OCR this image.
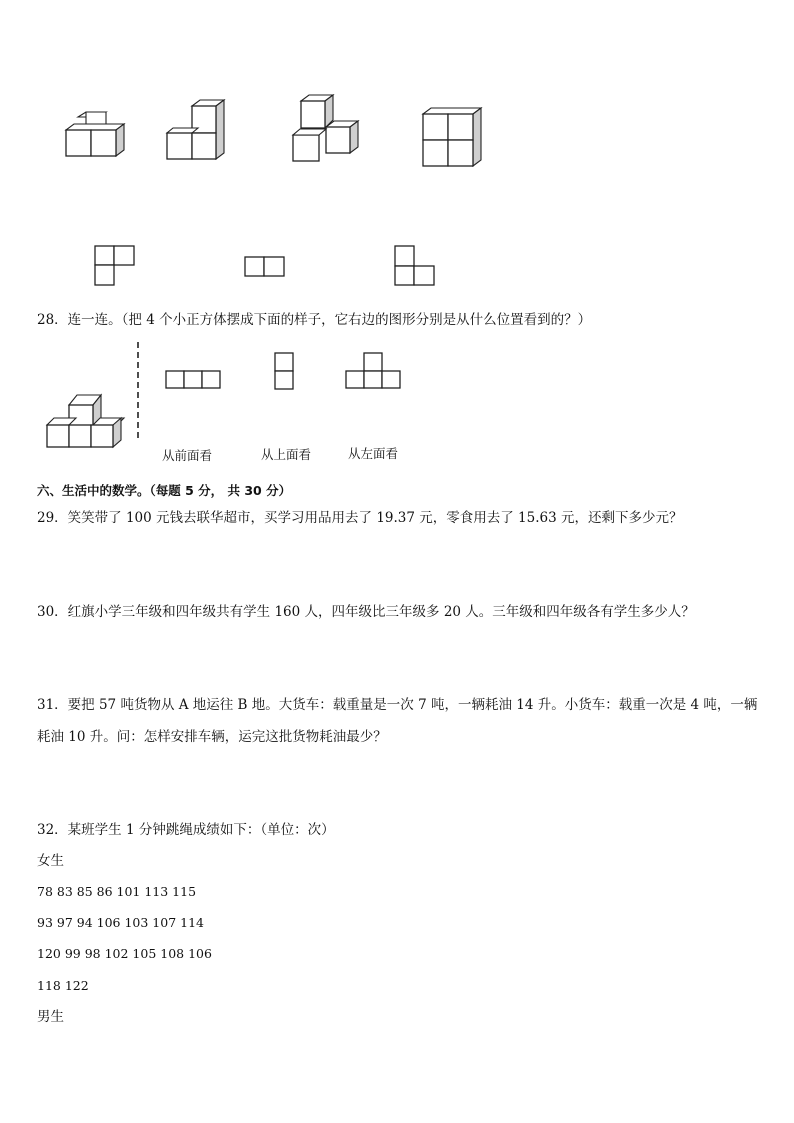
28．连一连。（把 4 个小正方体摆成下面的样子，它右边的图形分别是从什么位置看到的？）
从前面看	从上面看	从左面看
六、生活中的数学。（每题 5 分， 共 30 分）
29．笑笑带了 100 元钱去联华超市，买学习用品用去了 19.37 元，零食用去了 15.63 元，还剩下多少元？
30．红旗小学三年级和四年级共有学生 160 人，四年级比三年级多 20 人。三年级和四年级各有学生多少人？
31．要把 57 吨货物从 A 地运往 B 地。大货车：载重量是一次 7 吨，一辆耗油 14 升。小货车：载重一次是 4 吨，一辆
耗油 10 升。问：怎样安排车辆，运完这批货物耗油最少？
32．某班学生 1 分钟跳绳成绩如下：（单位：次）
女生
78 83 85 86 101 113 115
93 97 94 106 103 107 114
120 99 98 102 105 108 106
118 122
男生
